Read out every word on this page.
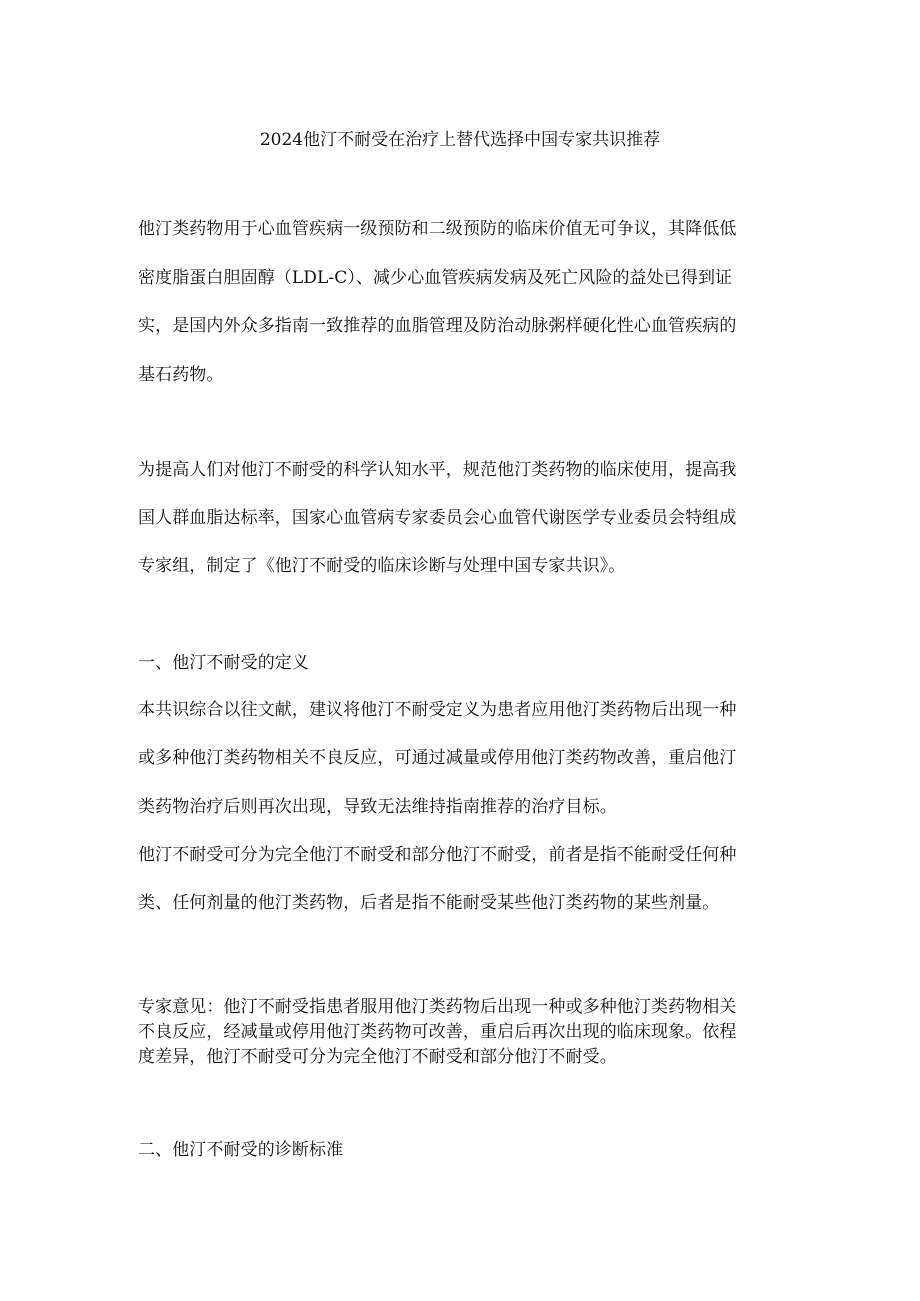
2024他汀不耐受在治疗上替代选择中国专家共识推荐
他汀类药物用于心血管疾病一级预防和二级预防的临床价值无可争议，其降低低
密度脂蛋白胆固醇（LDL-C）、减少心血管疾病发病及死亡风险的益处已得到证
实，是国内外众多指南一致推荐的血脂管理及防治动脉粥样硬化性心血管疾病的
基石药物。
为提高人们对他汀不耐受的科学认知水平，规范他汀类药物的临床使用，提高我
国人群血脂达标率，国家心血管病专家委员会心血管代谢医学专业委员会特组成
专家组，制定了《他汀不耐受的临床诊断与处理中国专家共识》。
一、他汀不耐受的定义
本共识综合以往文献，建议将他汀不耐受定义为患者应用他汀类药物后出现一种
或多种他汀类药物相关不良反应，可通过减量或停用他汀类药物改善，重启他汀
类药物治疗后则再次出现，导致无法维持指南推荐的治疗目标。
他汀不耐受可分为完全他汀不耐受和部分他汀不耐受，前者是指不能耐受任何种
类、任何剂量的他汀类药物，后者是指不能耐受某些他汀类药物的某些剂量。
专家意见：他汀不耐受指患者服用他汀类药物后出现一种或多种他汀类药物相关
不良反应，经减量或停用他汀类药物可改善，重启后再次出现的临床现象。依程
度差异，他汀不耐受可分为完全他汀不耐受和部分他汀不耐受。
二、他汀不耐受的诊断标准
